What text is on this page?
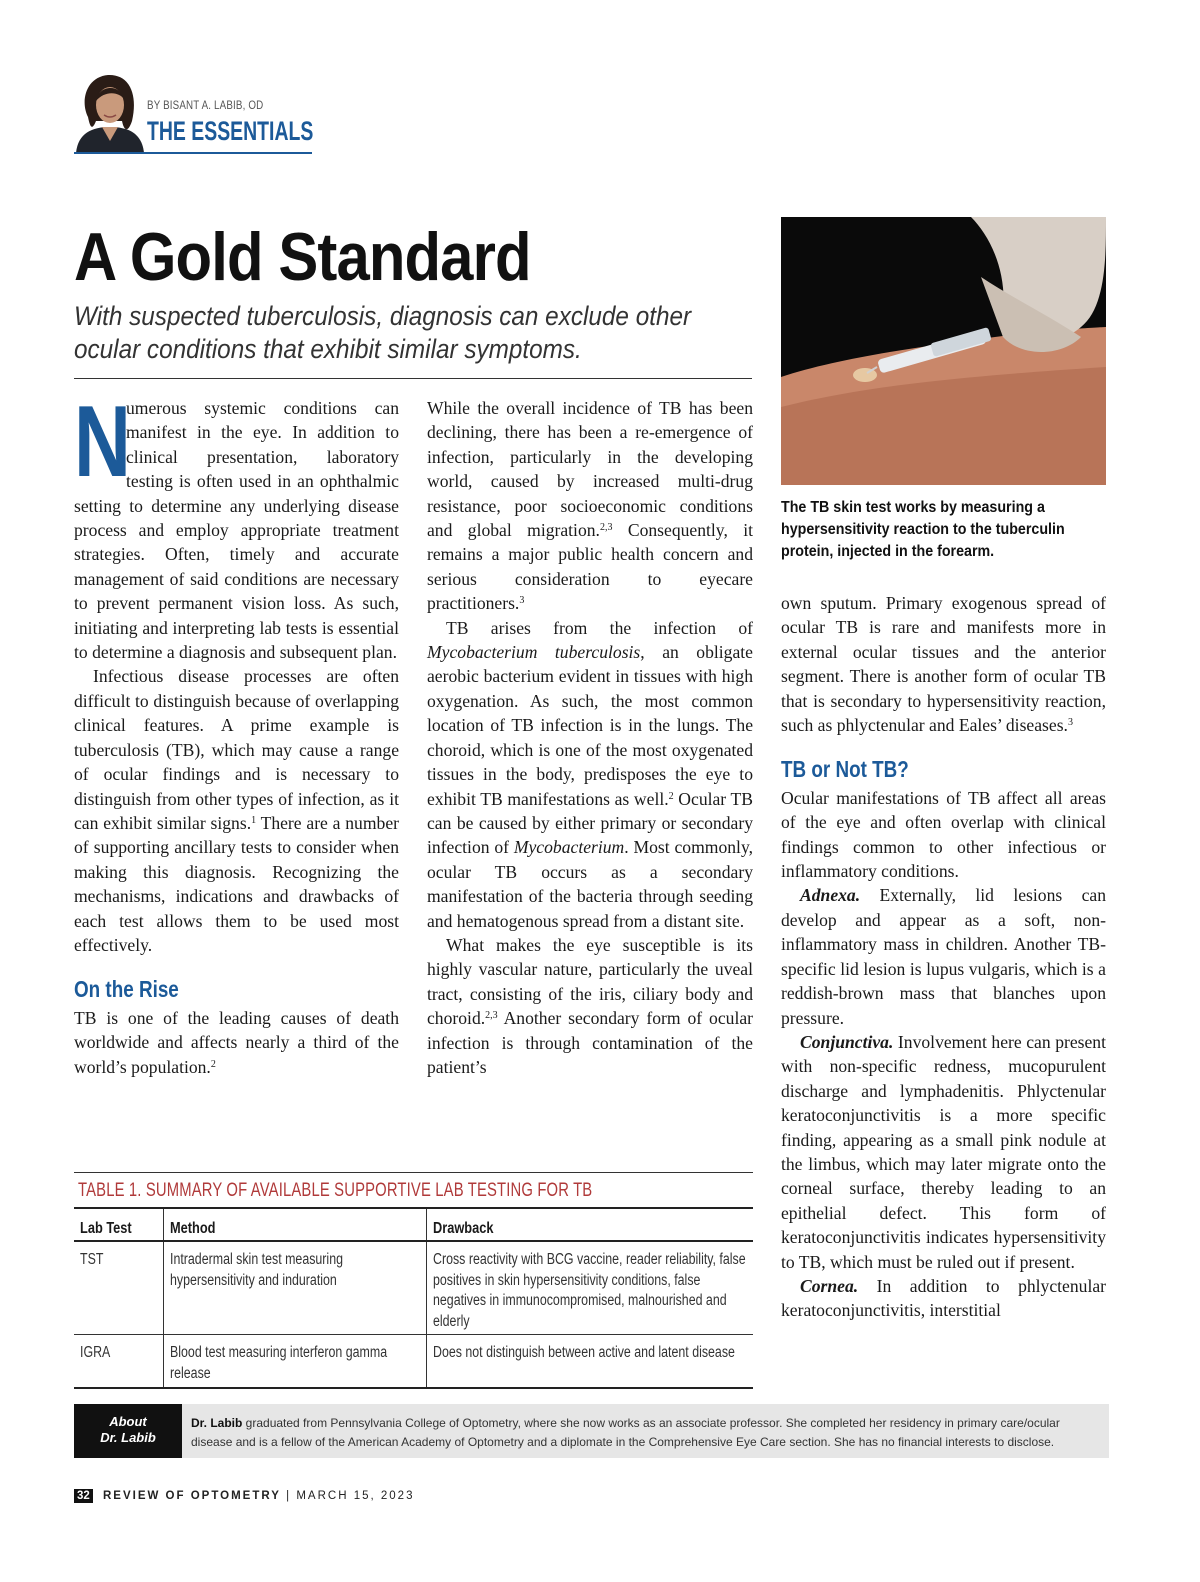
BY BISANT A. LABIB, OD
THE ESSENTIALS
A Gold Standard
With suspected tuberculosis, diagnosis can exclude other ocular conditions that exhibit similar symptoms.

N
umerous systemic conditions can manifest in the eye. In addition to clinical presentation, laboratory testing is often used in an ophthalmic setting to determine any underlying disease process and employ appropriate treatment strategies. Often, timely and accurate management of said conditions are necessary to prevent permanent vision loss. As such, initiating and interpreting lab tests is essential to determine a diagnosis and subsequent plan.

Infectious disease processes are often difficult to distinguish because of overlapping clinical features. A prime example is tuberculosis (TB), which may cause a range of ocular findings and is necessary to distinguish from other types of infection, as it can exhibit similar signs.$^1$ There are a number of supporting ancillary tests to consider when making this diagnosis. Recognizing the mechanisms, indications and drawbacks of each test allows them to be used most effectively.

On the Rise

TB is one of the leading causes of death worldwide and affects nearly a third of the world’s population.$^2$

While the overall incidence of TB has been declining, there has been a re-emergence of infection, particularly in the developing world, caused by increased multi-drug resistance, poor socioeconomic conditions and global migration.$^{2,3}$ Consequently, it remains a major public health concern and serious consideration to eyecare practitioners.$^3$

TB arises from the infection of Mycobacterium tuberculosis, an obligate aerobic bacterium evident in tissues with high oxygenation. As such, the most common location of TB infection is in the lungs. The choroid, which is one of the most oxygenated tissues in the body, predisposes the eye to exhibit TB manifestations as well.$^2$ Ocular TB can be caused by either primary or secondary infection of Mycobacterium. Most commonly, ocular TB occurs as a secondary manifestation of the bacteria through seeding and hematogenous spread from a distant site.

What makes the eye susceptible is its highly vascular nature, particularly the uveal tract, consisting of the iris, ciliary body and choroid.$^{2,3}$ Another secondary form of ocular infection is through contamination of the patient’s

The TB skin test works by measuring a hypersensitivity reaction to the tuberculin protein, injected in the forearm.

own sputum. Primary exogenous spread of ocular TB is rare and manifests more in external ocular tissues and the anterior segment. There is another form of ocular TB that is secondary to hypersensitivity reaction, such as phlyctenular and Eales’ diseases.$^3$

TB or Not TB?

Ocular manifestations of TB affect all areas of the eye and often overlap with clinical findings common to other infectious or inflammatory conditions.

Adnexa. Externally, lid lesions can develop and appear as a soft, non-inflammatory mass in children. Another TB-specific lid lesion is lupus vulgaris, which is a reddish-brown mass that blanches upon pressure.

Conjunctiva. Involvement here can present with non-specific redness, mucopurulent discharge and lymphadenitis. Phlyctenular keratoconjunctivitis is a more specific finding, appearing as a small pink nodule at the limbus, which may later migrate onto the corneal surface, thereby leading to an epithelial defect. This form of keratoconjunctivitis indicates hypersensitivity to TB, which must be ruled out if present.

Cornea. In addition to phlyctenular keratoconjunctivitis, interstitial

TABLE 1. SUMMARY OF AVAILABLE SUPPORTIVE LAB TESTING FOR TB
Lab Test	Method	Drawback

TST	Intradermal skin test measuring hypersensitivity and induration	Cross reactivity with BCG vaccine, reader reliability, false positives in skin hypersensitivity conditions, false negatives in immunocompromised, malnourished and elderly

IGRA	Blood test measuring interferon gamma release	Does not distinguish between active and latent disease
About
Dr. Labib
Dr. Labib graduated from Pennsylvania College of Optometry, where she now works as an associate professor. She completed her residency in primary care/ocular disease and is a fellow of the American Academy of Optometry and a diplomate in the Comprehensive Eye Care section. She has no financial interests to disclose.
32 REVIEW OF OPTOMETRY | MARCH 15, 2023
